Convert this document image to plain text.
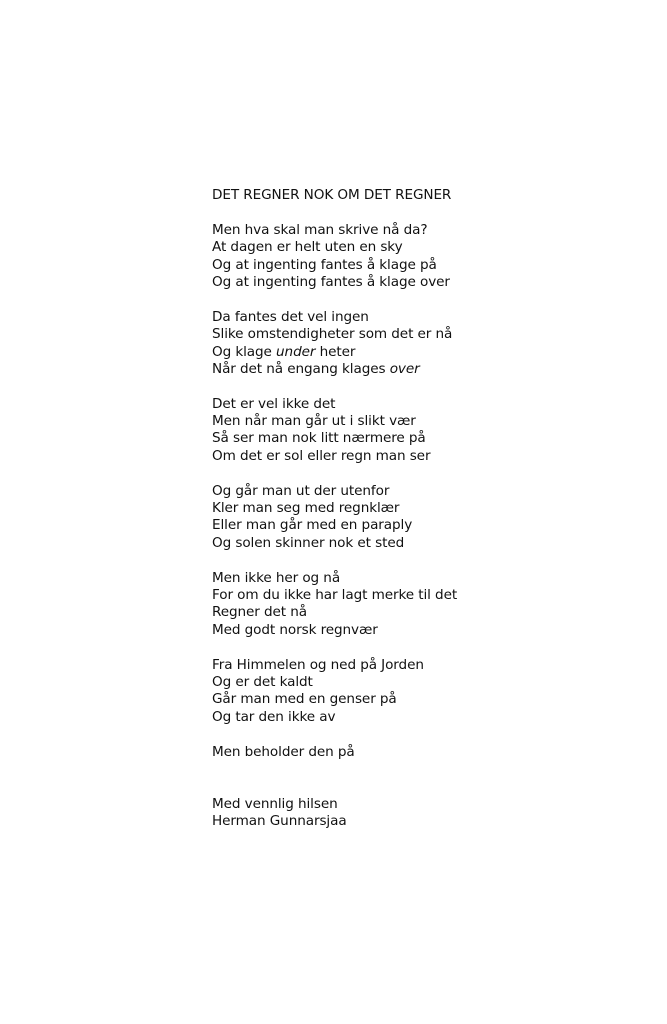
DET REGNER NOK OM DET REGNER
Men hva skal man skrive nå da?
At dagen er helt uten en sky
Og at ingenting fantes å klage på
Og at ingenting fantes å klage over
Da fantes det vel ingen
Slike omstendigheter som det er nå
Og klage under heter
Når det nå engang klages over
Det er vel ikke det
Men når man går ut i slikt vær
Så ser man nok litt nærmere på
Om det er sol eller regn man ser
Og går man ut der utenfor
Kler man seg med regnklær
Eller man går med en paraply
Og solen skinner nok et sted
Men ikke her og nå
For om du ikke har lagt merke til det
Regner det nå
Med godt norsk regnvær
Fra Himmelen og ned på Jorden
Og er det kaldt
Går man med en genser på
Og tar den ikke av
Men beholder den på
Med vennlig hilsen
Herman Gunnarsjaa
